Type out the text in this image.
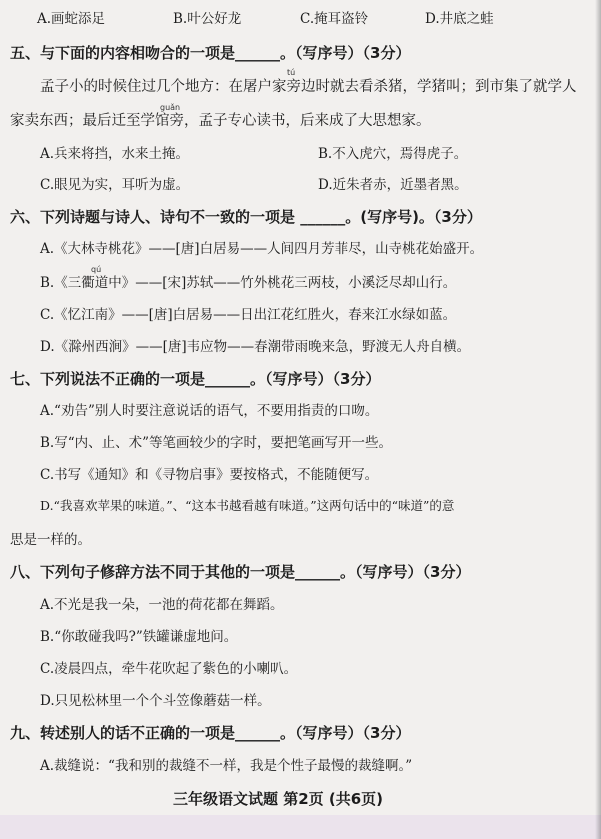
A.画蛇添足	B.叶公好龙	C.掩耳盗铃	D.井底之蛙
五、与下面的内容相吻合的一项是______。（写序号）（3分）
tú
孟子小的时候住过几个地方：在屠户家旁边时就去看杀猪，学猪叫；到市集了就学人
guǎn
家卖东西；最后迁至学馆旁，孟子专心读书，后来成了大思想家。
A.兵来将挡，水来土掩。	B.不入虎穴，焉得虎子。
C.眼见为实，耳听为虚。	D.近朱者赤，近墨者黑。
六、下列诗题与诗人、诗句不一致的一项是 ______。(写序号)。（3分）
A.《大林寺桃花》——[唐]白居易——人间四月芳菲尽，山寺桃花始盛开。
qú
B.《三衢道中》——[宋]苏轼——竹外桃花三两枝，小溪泛尽却山行。
C.《忆江南》——[唐]白居易——日出江花红胜火，春来江水绿如蓝。
D.《滁州西涧》——[唐]韦应物——春潮带雨晚来急，野渡无人舟自横。
七、下列说法不正确的一项是______。（写序号）（3分）
A.“劝告”别人时要注意说话的语气，不要用指责的口吻。
B.写“内、止、术”等笔画较少的字时，要把笔画写开一些。
C.书写《通知》和《寻物启事》要按格式，不能随便写。
D.“我喜欢苹果的味道。”、“这本书越看越有味道。”这两句话中的“味道”的意
思是一样的。
八、下列句子修辞方法不同于其他的一项是______。（写序号）（3分）
A.不光是我一朵，一池的荷花都在舞蹈。
B.“你敢碰我吗?”铁罐谦虚地问。
C.凌晨四点，牵牛花吹起了紫色的小喇叭。
D.只见松林里一个个斗笠像蘑菇一样。
九、转述别人的话不正确的一项是______。（写序号）（3分）
A.裁缝说：“我和别的裁缝不一样，我是个性子最慢的裁缝啊。”
三年级语文试题 第2页 (共6页)
